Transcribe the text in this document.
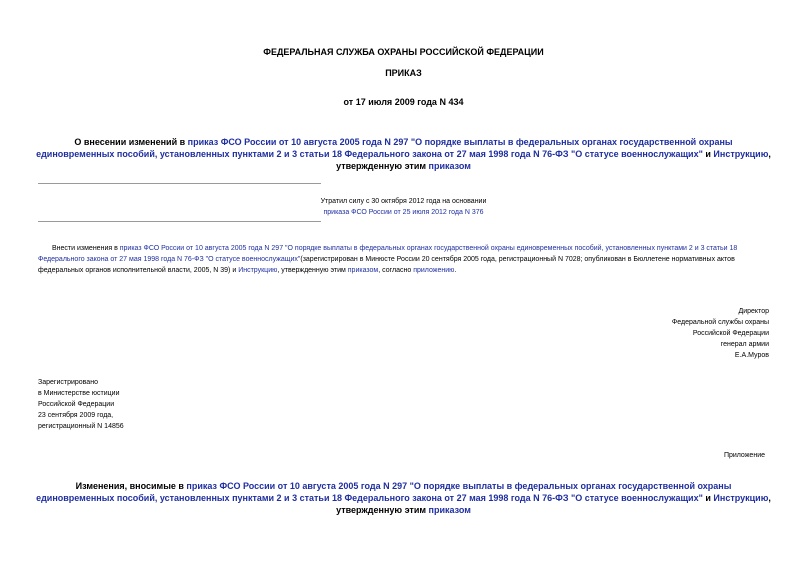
ФЕДЕРАЛЬНАЯ СЛУЖБА ОХРАНЫ РОССИЙСКОЙ ФЕДЕРАЦИИ
ПРИКАЗ
от 17 июля 2009 года N 434
О внесении изменений в приказ ФСО России от 10 августа 2005 года N 297 "О порядке выплаты в федеральных органах государственной охраны единовременных пособий, установленных пунктами 2 и 3 статьи 18 Федерального закона от 27 мая 1998 года N 76-ФЗ "О статусе военнослужащих" и Инструкцию, утвержденную этим приказом
Утратил силу с 30 октября 2012 года на основании
приказа ФСО России от 25 июля 2012 года N 376
Внести изменения в приказ ФСО России от 10 августа 2005 года N 297 "О порядке выплаты в федеральных органах государственной охраны единовременных пособий, установленных пунктами 2 и 3 статьи 18 Федерального закона от 27 мая 1998 года N 76-ФЗ "О статусе военнослужащих"(зарегистрирован в Минюсте России 20 сентября 2005 года, регистрационный N 7028; опубликован в Бюллетене нормативных актов федеральных органов исполнительной власти, 2005, N 39) и Инструкцию, утвержденную этим приказом, согласно приложению.
Директор
Федеральной службы охраны
Российской Федерации
генерал армии
Е.А.Муров
Зарегистрировано
в Министерстве юстиции
Российской Федерации
23 сентября 2009 года,
регистрационный N 14856
Приложение
Изменения, вносимые в приказ ФСО России от 10 августа 2005 года N 297 "О порядке выплаты в федеральных органах государственной охраны единовременных пособий, установленных пунктами 2 и 3 статьи 18 Федерального закона от 27 мая 1998 года N 76-ФЗ "О статусе военнослужащих" и Инструкцию, утвержденную этим приказом
